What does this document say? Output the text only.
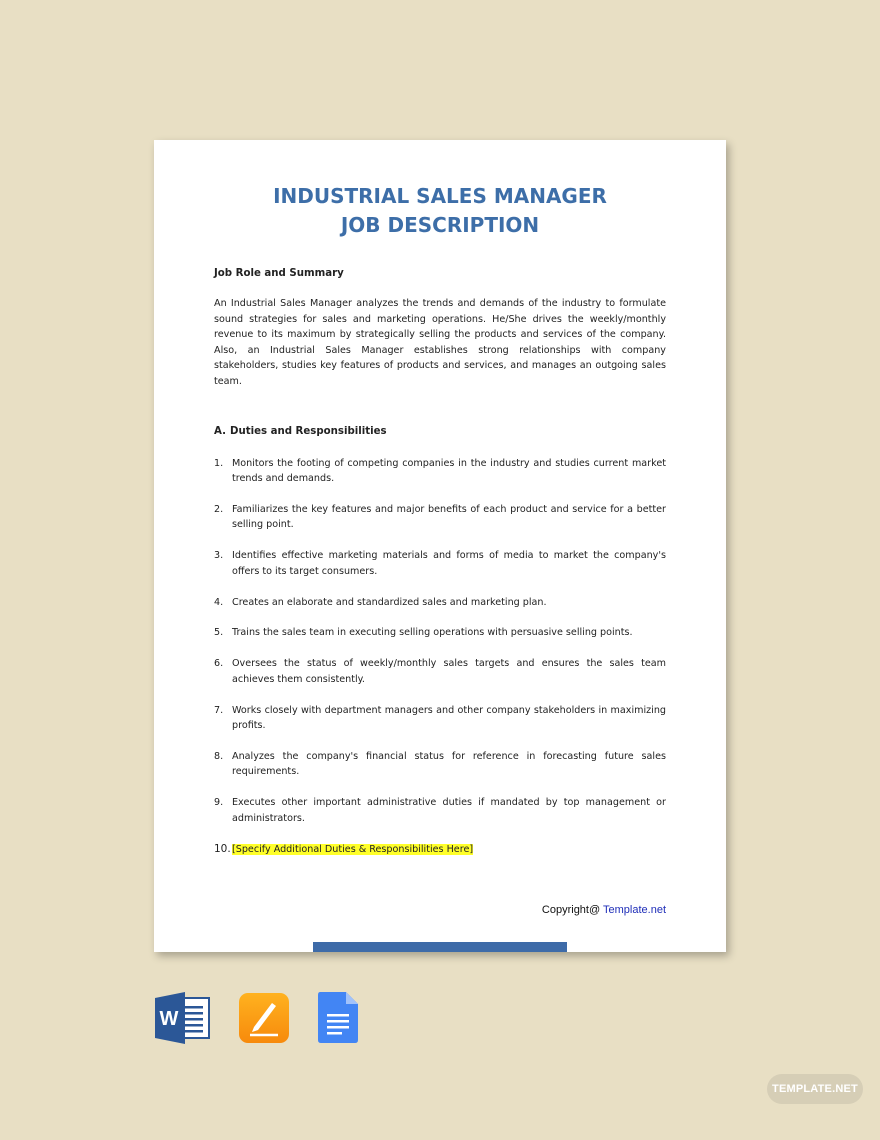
INDUSTRIAL SALES MANAGER
JOB DESCRIPTION
Job Role and Summary
An Industrial Sales Manager analyzes the trends and demands of the industry to formulate sound strategies for sales and marketing operations. He/She drives the weekly/monthly revenue to its maximum by strategically selling the products and services of the company. Also, an Industrial Sales Manager establishes strong relationships with company stakeholders, studies key features of products and services, and manages an outgoing sales team.
A. Duties and Responsibilities
1. Monitors the footing of competing companies in the industry and studies current market trends and demands.
2. Familiarizes the key features and major benefits of each product and service for a better selling point.
3. Identifies effective marketing materials and forms of media to market the company's offers to its target consumers.
4. Creates an elaborate and standardized sales and marketing plan.
5. Trains the sales team in executing selling operations with persuasive selling points.
6. Oversees the status of weekly/monthly sales targets and ensures the sales team achieves them consistently.
7. Works closely with department managers and other company stakeholders in maximizing profits.
8. Analyzes the company's financial status for reference in forecasting future sales requirements.
9. Executes other important administrative duties if mandated by top management or administrators.
10. [Specify Additional Duties & Responsibilities Here]
Copyright@ Template.net
W
TEMPLATE.NET
